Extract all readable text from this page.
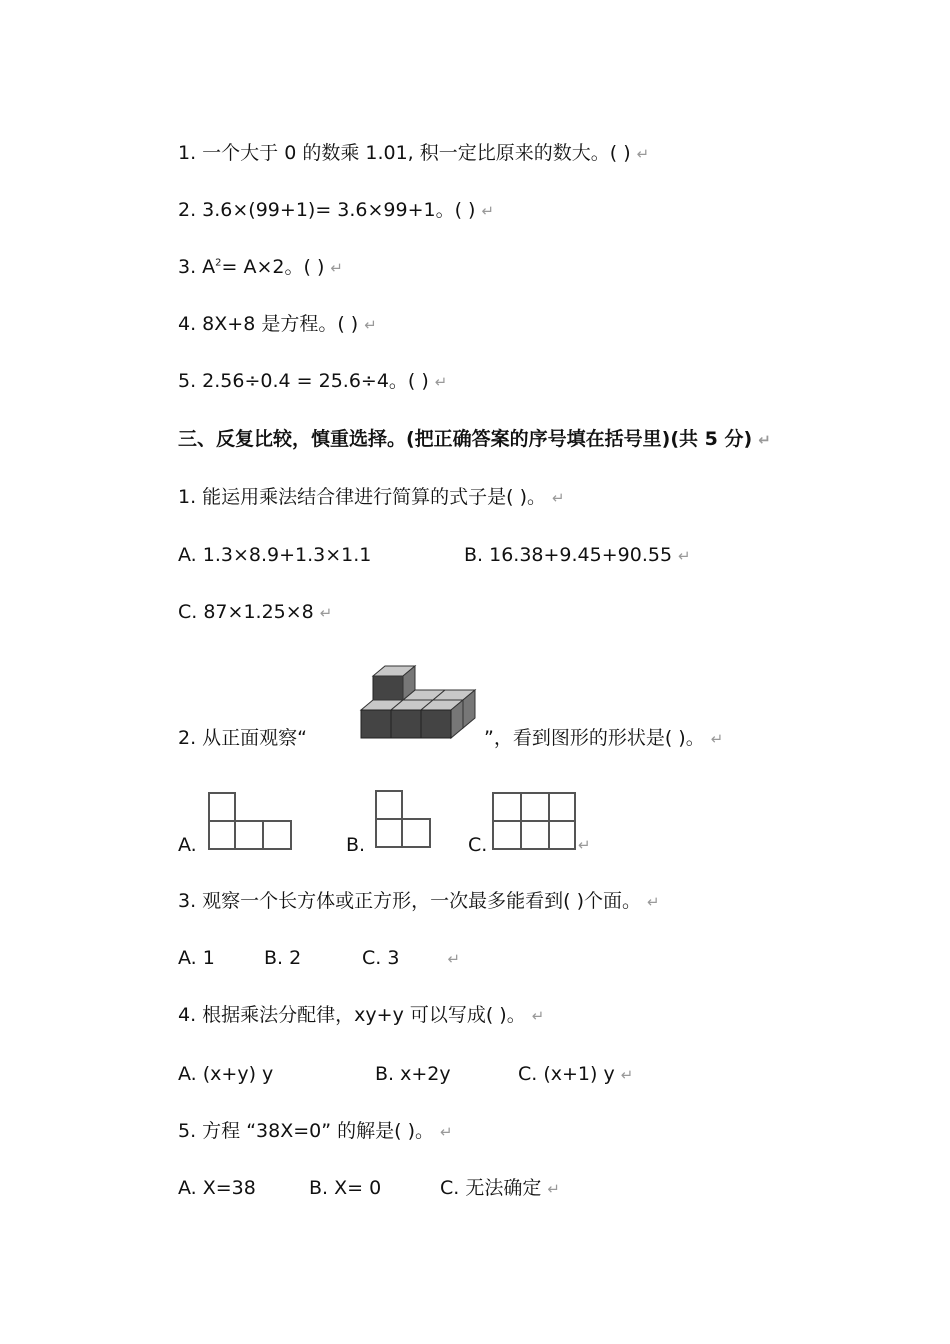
1. 一个大于 0 的数乘 1.01, 积一定比原来的数大。( ) ↵
2. 3.6×(99+1)= 3.6×99+1。( ) ↵
3. $A^2= A\times 2$。( ) ↵
4. 8X+8 是方程。( ) ↵
5. 2.56÷0.4 = 25.6÷4。( ) ↵
三、反复比较，慎重选择。(把正确答案的序号填在括号里)(共 5 分) ↵
1. 能运用乘法结合律进行简算的式子是( )。 ↵
A. 1.3×8.9+1.3×1.1	B. 16.38+9.45+90.55 ↵
C. 87×1.25×8 ↵
2. 从正面观察“	”，看到图形的形状是( )。 ↵
A.	B.	C.	↵
3. 观察一个长方体或正方形，一次最多能看到( )个面。 ↵
A. 1	B. 2	C. 3	↵
4. 根据乘法分配律，xy+y 可以写成( )。 ↵
A. (x+y) y	B. x+2y	C. (x+1) y ↵
5. 方程 “38X=0” 的解是( )。 ↵
A. X=38	B. X= 0	C. 无法确定 ↵
